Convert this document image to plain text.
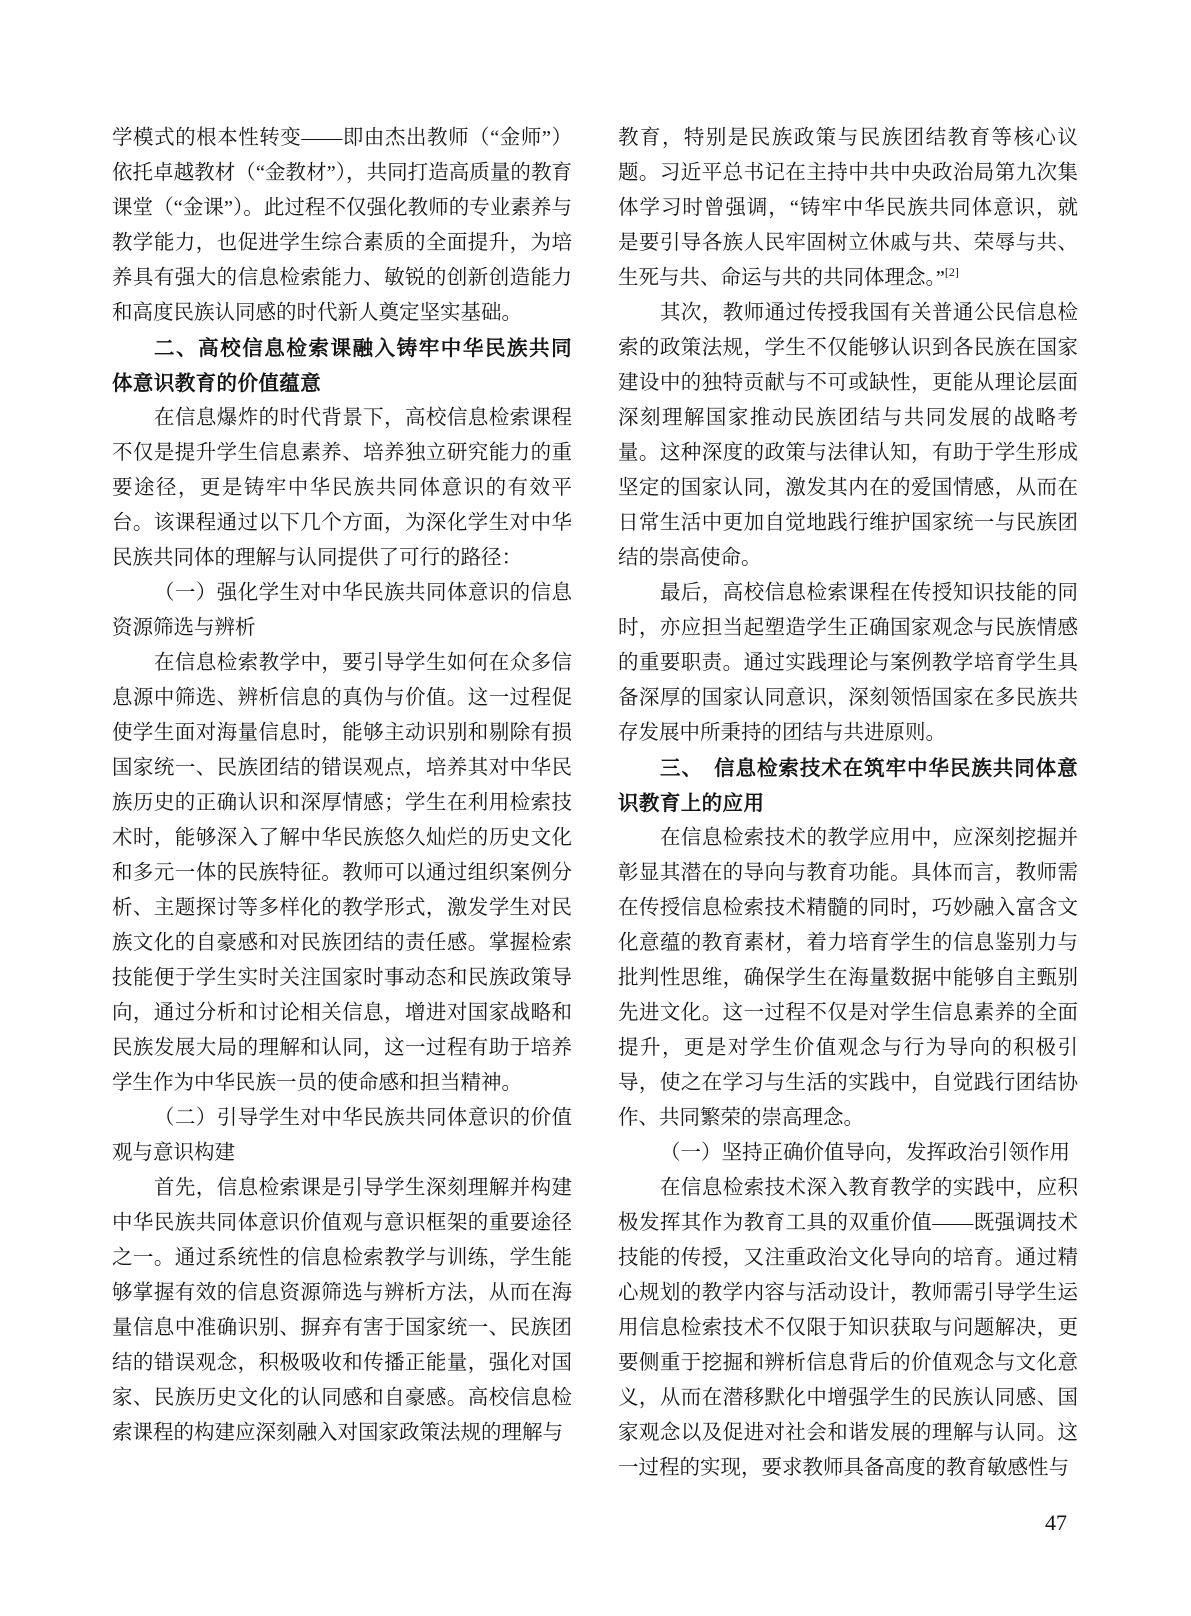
学模式的根本性转变——即由杰出教师（“金师”）依托卓越教材（“金教材”），共同打造高质量的教育课堂（“金课”）。此过程不仅强化教师的专业素养与教学能力，也促进学生综合素质的全面提升，为培养具有强大的信息检索能力、敏锐的创新创造能力和高度民族认同感的时代新人奠定坚实基础。

二、高校信息检索课融入铸牢中华民族共同体意识教育的价值蕴意

在信息爆炸的时代背景下，高校信息检索课程不仅是提升学生信息素养、培养独立研究能力的重要途径，更是铸牢中华民族共同体意识的有效平台。该课程通过以下几个方面，为深化学生对中华民族共同体的理解与认同提供了可行的路径：

（一）强化学生对中华民族共同体意识的信息资源筛选与辨析

在信息检索教学中，要引导学生如何在众多信息源中筛选、辨析信息的真伪与价值。这一过程促使学生面对海量信息时，能够主动识别和剔除有损国家统一、民族团结的错误观点，培养其对中华民族历史的正确认识和深厚情感；学生在利用检索技术时，能够深入了解中华民族悠久灿烂的历史文化和多元一体的民族特征。教师可以通过组织案例分析、主题探讨等多样化的教学形式，激发学生对民族文化的自豪感和对民族团结的责任感。掌握检索技能便于学生实时关注国家时事动态和民族政策导向，通过分析和讨论相关信息，增进对国家战略和民族发展大局的理解和认同，这一过程有助于培养学生作为中华民族一员的使命感和担当精神。

（二）引导学生对中华民族共同体意识的价值观与意识构建

首先，信息检索课是引导学生深刻理解并构建中华民族共同体意识价值观与意识框架的重要途径之一。通过系统性的信息检索教学与训练，学生能够掌握有效的信息资源筛选与辨析方法，从而在海量信息中准确识别、摒弃有害于国家统一、民族团结的错误观念，积极吸收和传播正能量，强化对国家、民族历史文化的认同感和自豪感。高校信息检索课程的构建应深刻融入对国家政策法规的理解与

教育，特别是民族政策与民族团结教育等核心议题。习近平总书记在主持中共中央政治局第九次集体学习时曾强调，“铸牢中华民族共同体意识，就是要引导各族人民牢固树立休戚与共、荣辱与共、生死与共、命运与共的共同体理念。”[2]

其次，教师通过传授我国有关普通公民信息检索的政策法规，学生不仅能够认识到各民族在国家建设中的独特贡献与不可或缺性，更能从理论层面深刻理解国家推动民族团结与共同发展的战略考量。这种深度的政策与法律认知，有助于学生形成坚定的国家认同，激发其内在的爱国情感，从而在日常生活中更加自觉地践行维护国家统一与民族团结的崇高使命。

最后，高校信息检索课程在传授知识技能的同时，亦应担当起塑造学生正确国家观念与民族情感的重要职责。通过实践理论与案例教学培育学生具备深厚的国家认同意识，深刻领悟国家在多民族共存发展中所秉持的团结与共进原则。

三、　信息检索技术在筑牢中华民族共同体意识教育上的应用

在信息检索技术的教学应用中，应深刻挖掘并彰显其潜在的导向与教育功能。具体而言，教师需在传授信息检索技术精髓的同时，巧妙融入富含文化意蕴的教育素材，着力培育学生的信息鉴别力与批判性思维，确保学生在海量数据中能够自主甄别先进文化。这一过程不仅是对学生信息素养的全面提升，更是对学生价值观念与行为导向的积极引导，使之在学习与生活的实践中，自觉践行团结协作、共同繁荣的崇高理念。

（一）坚持正确价值导向，发挥政治引领作用

在信息检索技术深入教育教学的实践中，应积极发挥其作为教育工具的双重价值——既强调技术技能的传授，又注重政治文化导向的培育。通过精心规划的教学内容与活动设计，教师需引导学生运用信息检索技术不仅限于知识获取与问题解决，更要侧重于挖掘和辨析信息背后的价值观念与文化意义，从而在潜移默化中增强学生的民族认同感、国家观念以及促进对社会和谐发展的理解与认同。这一过程的实现，要求教师具备高度的教育敏感性与

47
